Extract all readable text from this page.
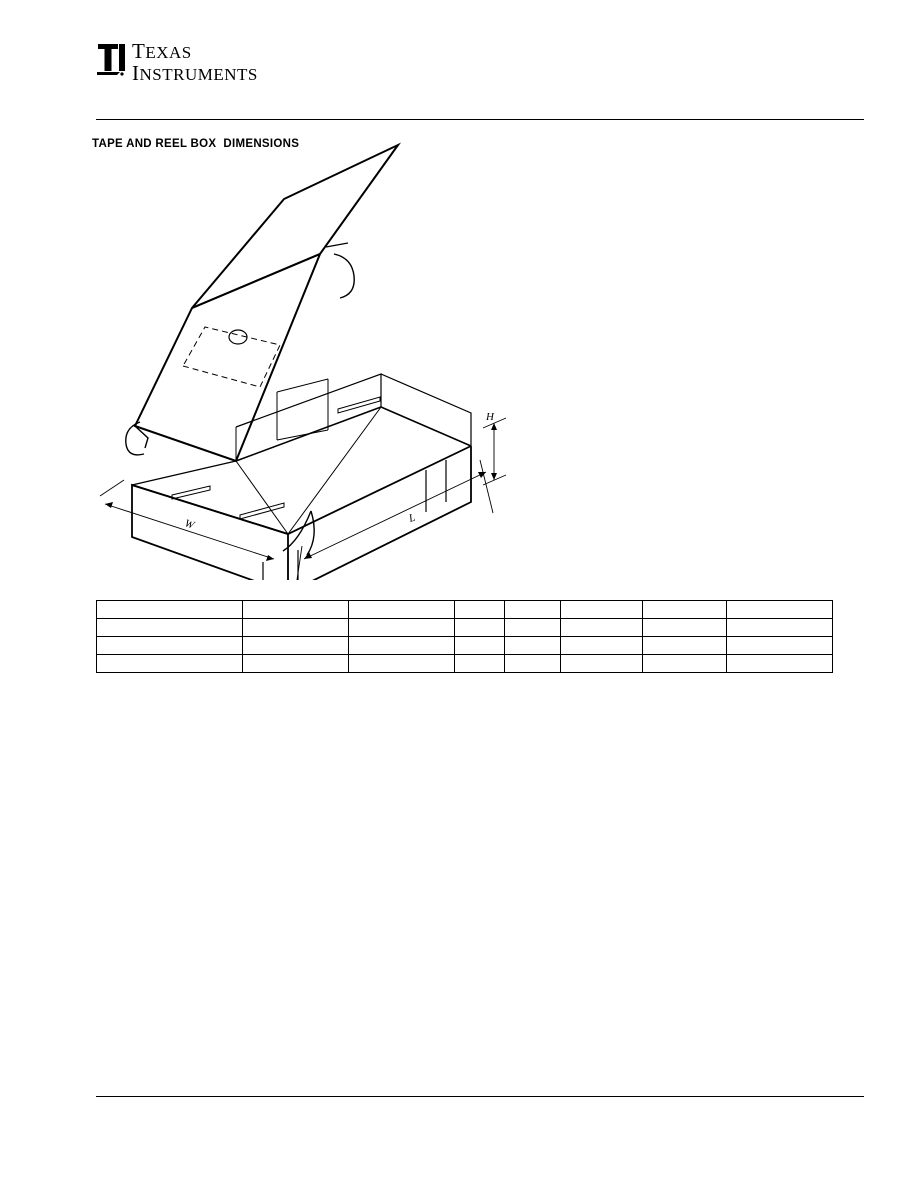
TEXAS
INSTRUMENTS
TAPE AND REEL BOX  DIMENSIONS
H
L
W
